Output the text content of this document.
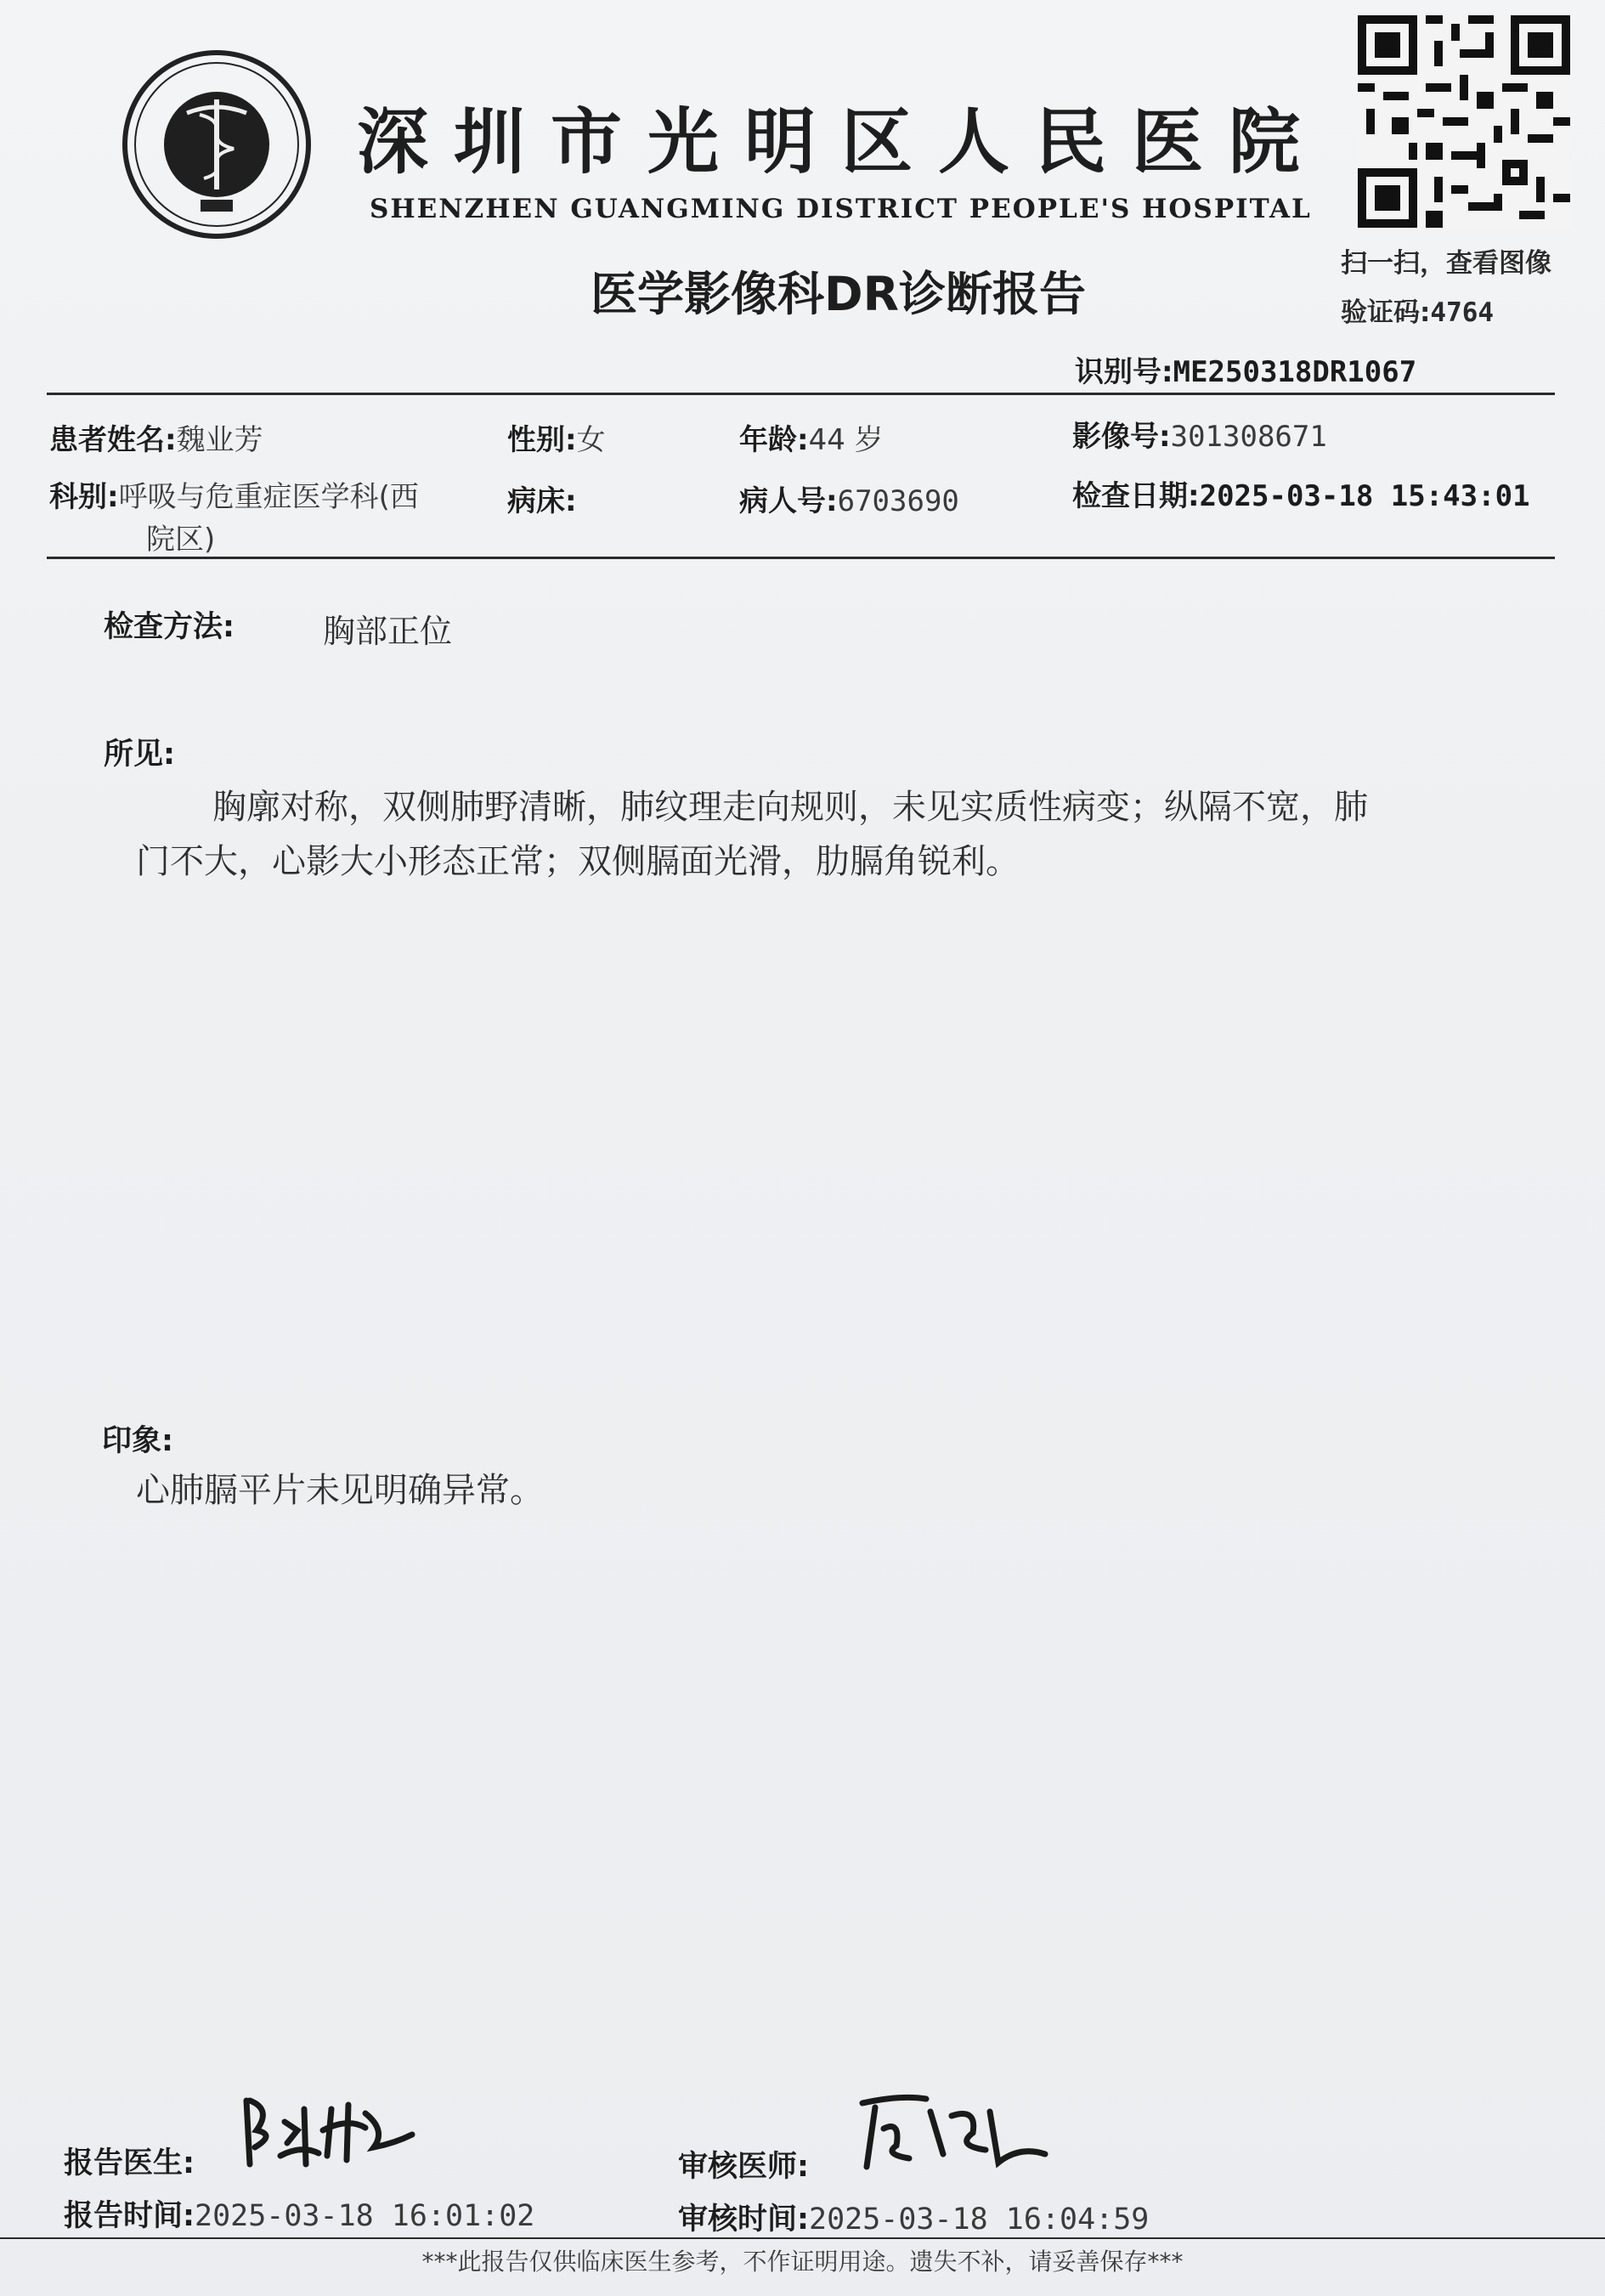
深圳市光明区人民医院
SHENZHEN GUANGMING DISTRICT PEOPLE'S HOSPITAL
医学影像科DR诊断报告
扫一扫，查看图像
验证码:4764
识别号:ME250318DR1067
患者姓名:魏业芳	性别:女	年龄:44 岁	影像号:301308671
科别:呼吸与危重症医学科(西
院区)
病床:	病人号:6703690	检查日期:2025-03-18 15:43:01
检查方法:	胸部正位
所见:
胸廓对称，双侧肺野清晰，肺纹理走向规则，未见实质性病变；纵隔不宽，肺
门不大，心影大小形态正常；双侧膈面光滑，肋膈角锐利。
印象:
心肺膈平片未见明确异常。
报告医生:
报告时间:2025-03-18 16:01:02
审核医师:
审核时间:2025-03-18 16:04:59
***此报告仅供临床医生参考，不作证明用途。遗失不补，请妥善保存***
